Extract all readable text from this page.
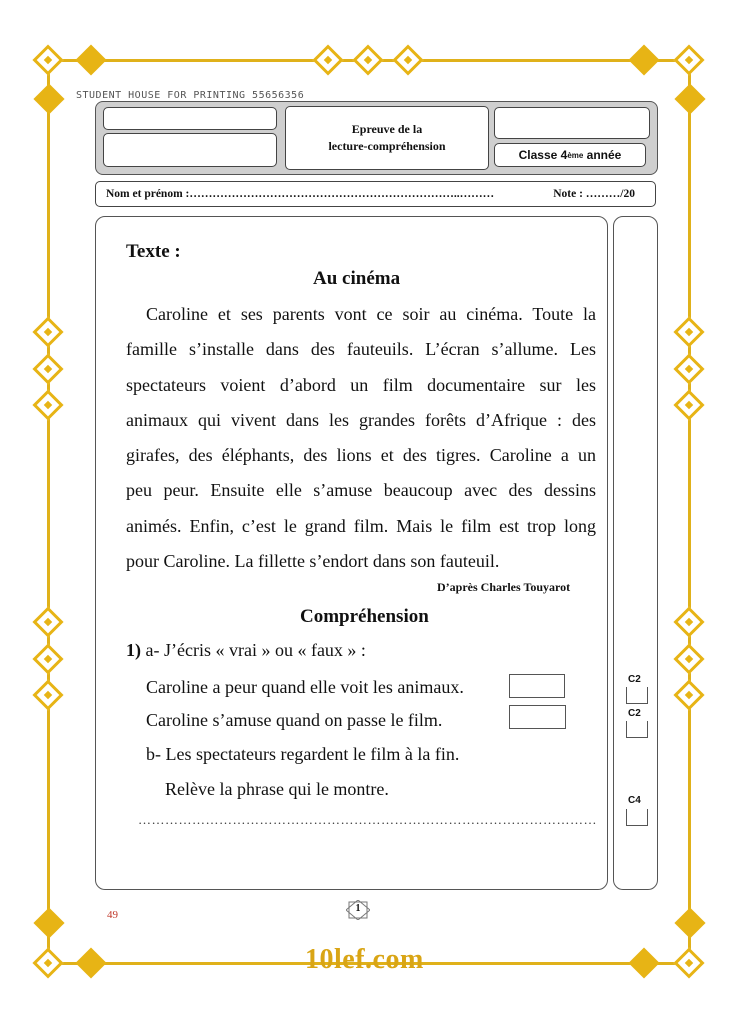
STUDENT HOUSE FOR PRINTING 55656356
Epreuve de la
lecture-compréhension
Classe 4 ème année
Nom et prénom :……………………………………………………………..………	Note : ………/20
Texte :
Au cinéma
Caroline et ses parents vont ce soir au cinéma. Toute la
famille s’installe dans des fauteuils. L’écran s’allume. Les
spectateurs voient d’abord un film documentaire sur les
animaux qui vivent dans les grandes forêts d’Afrique : des
girafes, des éléphants, des lions et des tigres. Caroline a un
peu peur. Ensuite elle s’amuse beaucoup avec des dessins
animés. Enfin, c’est le grand film. Mais le film est trop long
pour Caroline. La fillette s’endort dans son fauteuil.
D’après Charles Touyarot
Compréhension
1) a- J’écris « vrai » ou « faux » :
Caroline a peur quand elle voit les animaux.
Caroline s’amuse quand on passe le film.
b- Les spectateurs regardent le film à la fin.
Relève la phrase qui le montre.
…………………………………………………………………………………………
C2
C2
C4
49
1
10lef.com
